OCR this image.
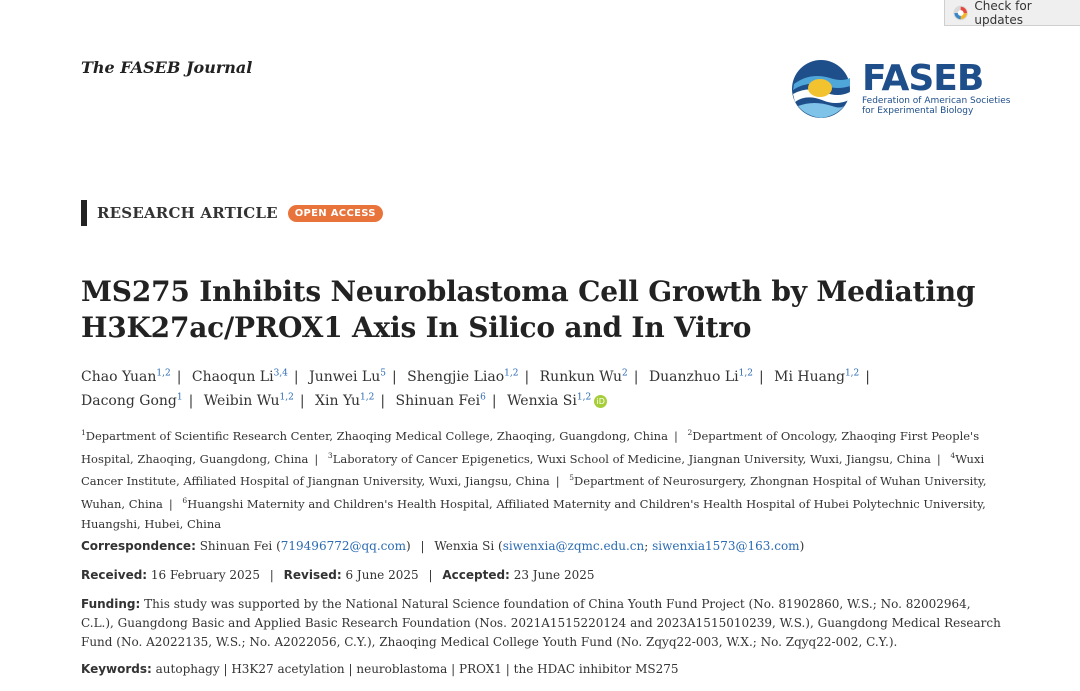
Check for updates
The FASEB Journal	FASEB
Federation of American Societies
for Experimental Biology
RESEARCH ARTICLE	OPEN ACCESS
MS275 Inhibits Neuroblastoma Cell Growth by Mediating H3K27ac/PROX1 Axis In Silico and In Vitro
Chao Yuan$^{1,2}$ | Chaoqun Li$^{3,4}$ | Junwei Lu$^5$ | Shengjie Liao$^{1,2}$ | Runkun Wu$^2$ | Duanzhuo Li$^{1,2}$ | Mi Huang$^{1,2}$ |
Dacong Gong$^1$ | Weibin Wu$^{1,2}$ | Xin Yu$^{1,2}$ | Shinuan Fei$^6$ | Wenxia Si$^{1,2}$ iD
$^1$Department of Scientific Research Center, Zhaoqing Medical College, Zhaoqing, Guangdong, China | $^2$Department of Oncology, Zhaoqing First People's Hospital, Zhaoqing, Guangdong, China | $^3$Laboratory of Cancer Epigenetics, Wuxi School of Medicine, Jiangnan University, Wuxi, Jiangsu, China | $^4$Wuxi Cancer Institute, Affiliated Hospital of Jiangnan University, Wuxi, Jiangsu, China | $^5$Department of Neurosurgery, Zhongnan Hospital of Wuhan University, Wuhan, China | $^6$Huangshi Maternity and Children's Health Hospital, Affiliated Maternity and Children's Health Hospital of Hubei Polytechnic University, Huangshi, Hubei, China
Correspondence: Shinuan Fei (719496772@qq.com) | Wenxia Si (siwenxia@zqmc.edu.cn; siwenxia1573@163.com)
Received: 16 February 2025 | Revised: 6 June 2025 | Accepted: 23 June 2025
Funding: This study was supported by the National Natural Science foundation of China Youth Fund Project (No. 81902860, W.S.; No. 82002964, C.L.), Guangdong Basic and Applied Basic Research Foundation (Nos. 2021A1515220124 and 2023A1515010239, W.S.), Guangdong Medical Research Fund (No. A2022135, W.S.; No. A2022056, C.Y.), Zhaoqing Medical College Youth Fund (No. Zqyq22-003, W.X.; No. Zqyq22-002, C.Y.).
Keywords: autophagy | H3K27 acetylation | neuroblastoma | PROX1 | the HDAC inhibitor MS275
